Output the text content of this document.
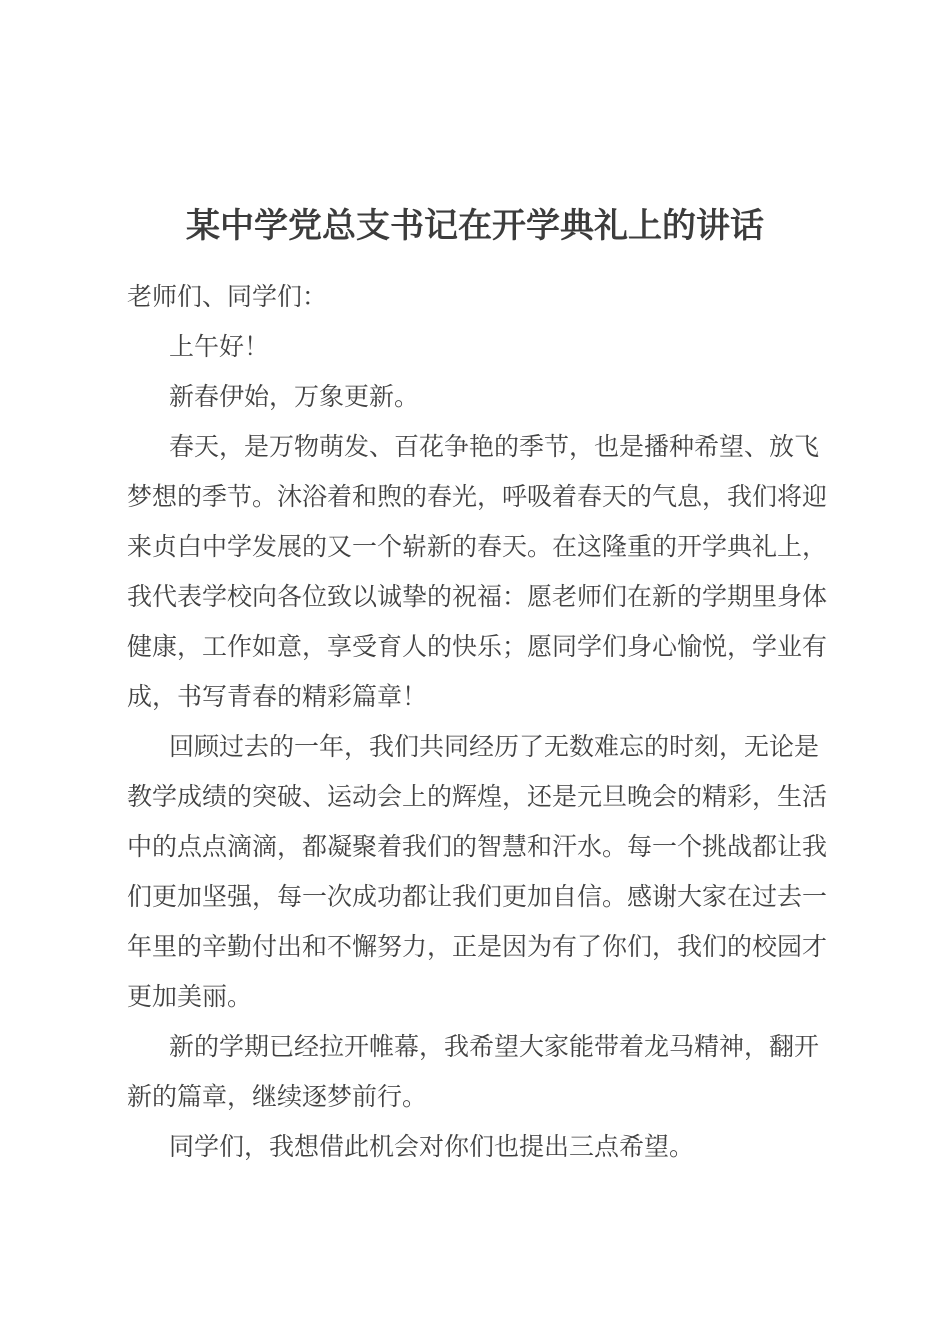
某中学党总支书记在开学典礼上的讲话
老师们、同学们：
上午好！
新春伊始，万象更新。
春天，是万物萌发、百花争艳的季节，也是播种希望、放飞
梦想的季节。沐浴着和煦的春光，呼吸着春天的气息，我们将迎
来贞白中学发展的又一个崭新的春天。在这隆重的开学典礼上，
我代表学校向各位致以诚挚的祝福：愿老师们在新的学期里身体
健康，工作如意，享受育人的快乐；愿同学们身心愉悦，学业有
成，书写青春的精彩篇章！
回顾过去的一年，我们共同经历了无数难忘的时刻，无论是
教学成绩的突破、运动会上的辉煌，还是元旦晚会的精彩，生活
中的点点滴滴，都凝聚着我们的智慧和汗水。每一个挑战都让我
们更加坚强，每一次成功都让我们更加自信。感谢大家在过去一
年里的辛勤付出和不懈努力，正是因为有了你们，我们的校园才
更加美丽。
新的学期已经拉开帷幕，我希望大家能带着龙马精神，翻开
新的篇章，继续逐梦前行。
同学们，我想借此机会对你们也提出三点希望。
